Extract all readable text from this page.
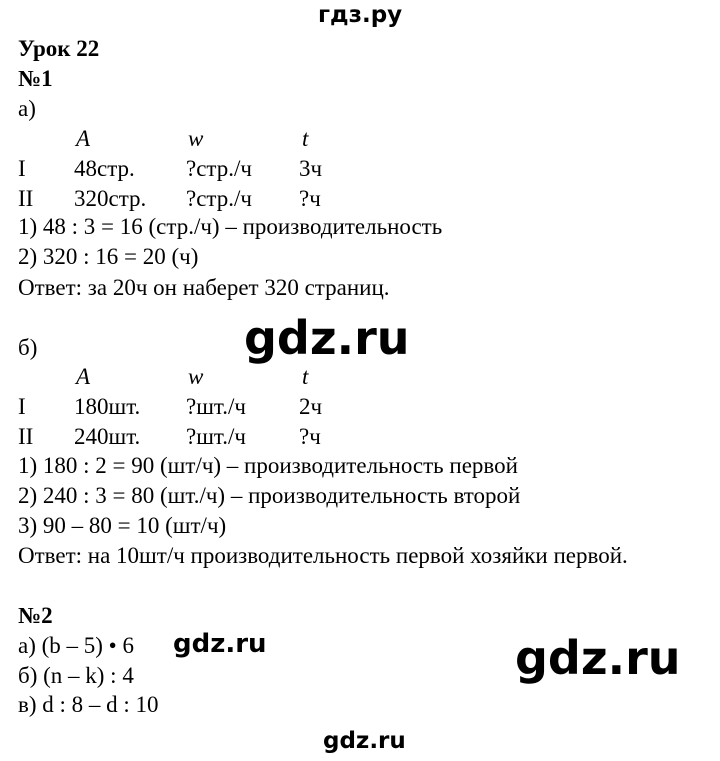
гдз.ру
gdz.ru
gdz.ru	gdz.ru
gdz.ru
Урок 22
№1
а)
A	w	t
I 48стр. ?стр./ч 3ч
II 320стр. ?стр./ч ?ч
1) 48 : 3 = 16 (стр./ч) – производительность
2) 320 : 16 = 20 (ч)
Ответ: за 20ч он наберет 320 страниц.
б)
A	w	t
I 180шт. ?шт./ч 2ч
II 240шт. ?шт./ч ?ч
1) 180 : 2 = 90 (шт/ч) – производительность первой
2) 240 : 3 = 80 (шт./ч) – производительность второй
3) 90 – 80 = 10 (шт/ч)
Ответ: на 10шт/ч производительность первой хозяйки первой.
№2
а) (b – 5) • 6
б) (n – k) : 4
в) d : 8 – d : 10
